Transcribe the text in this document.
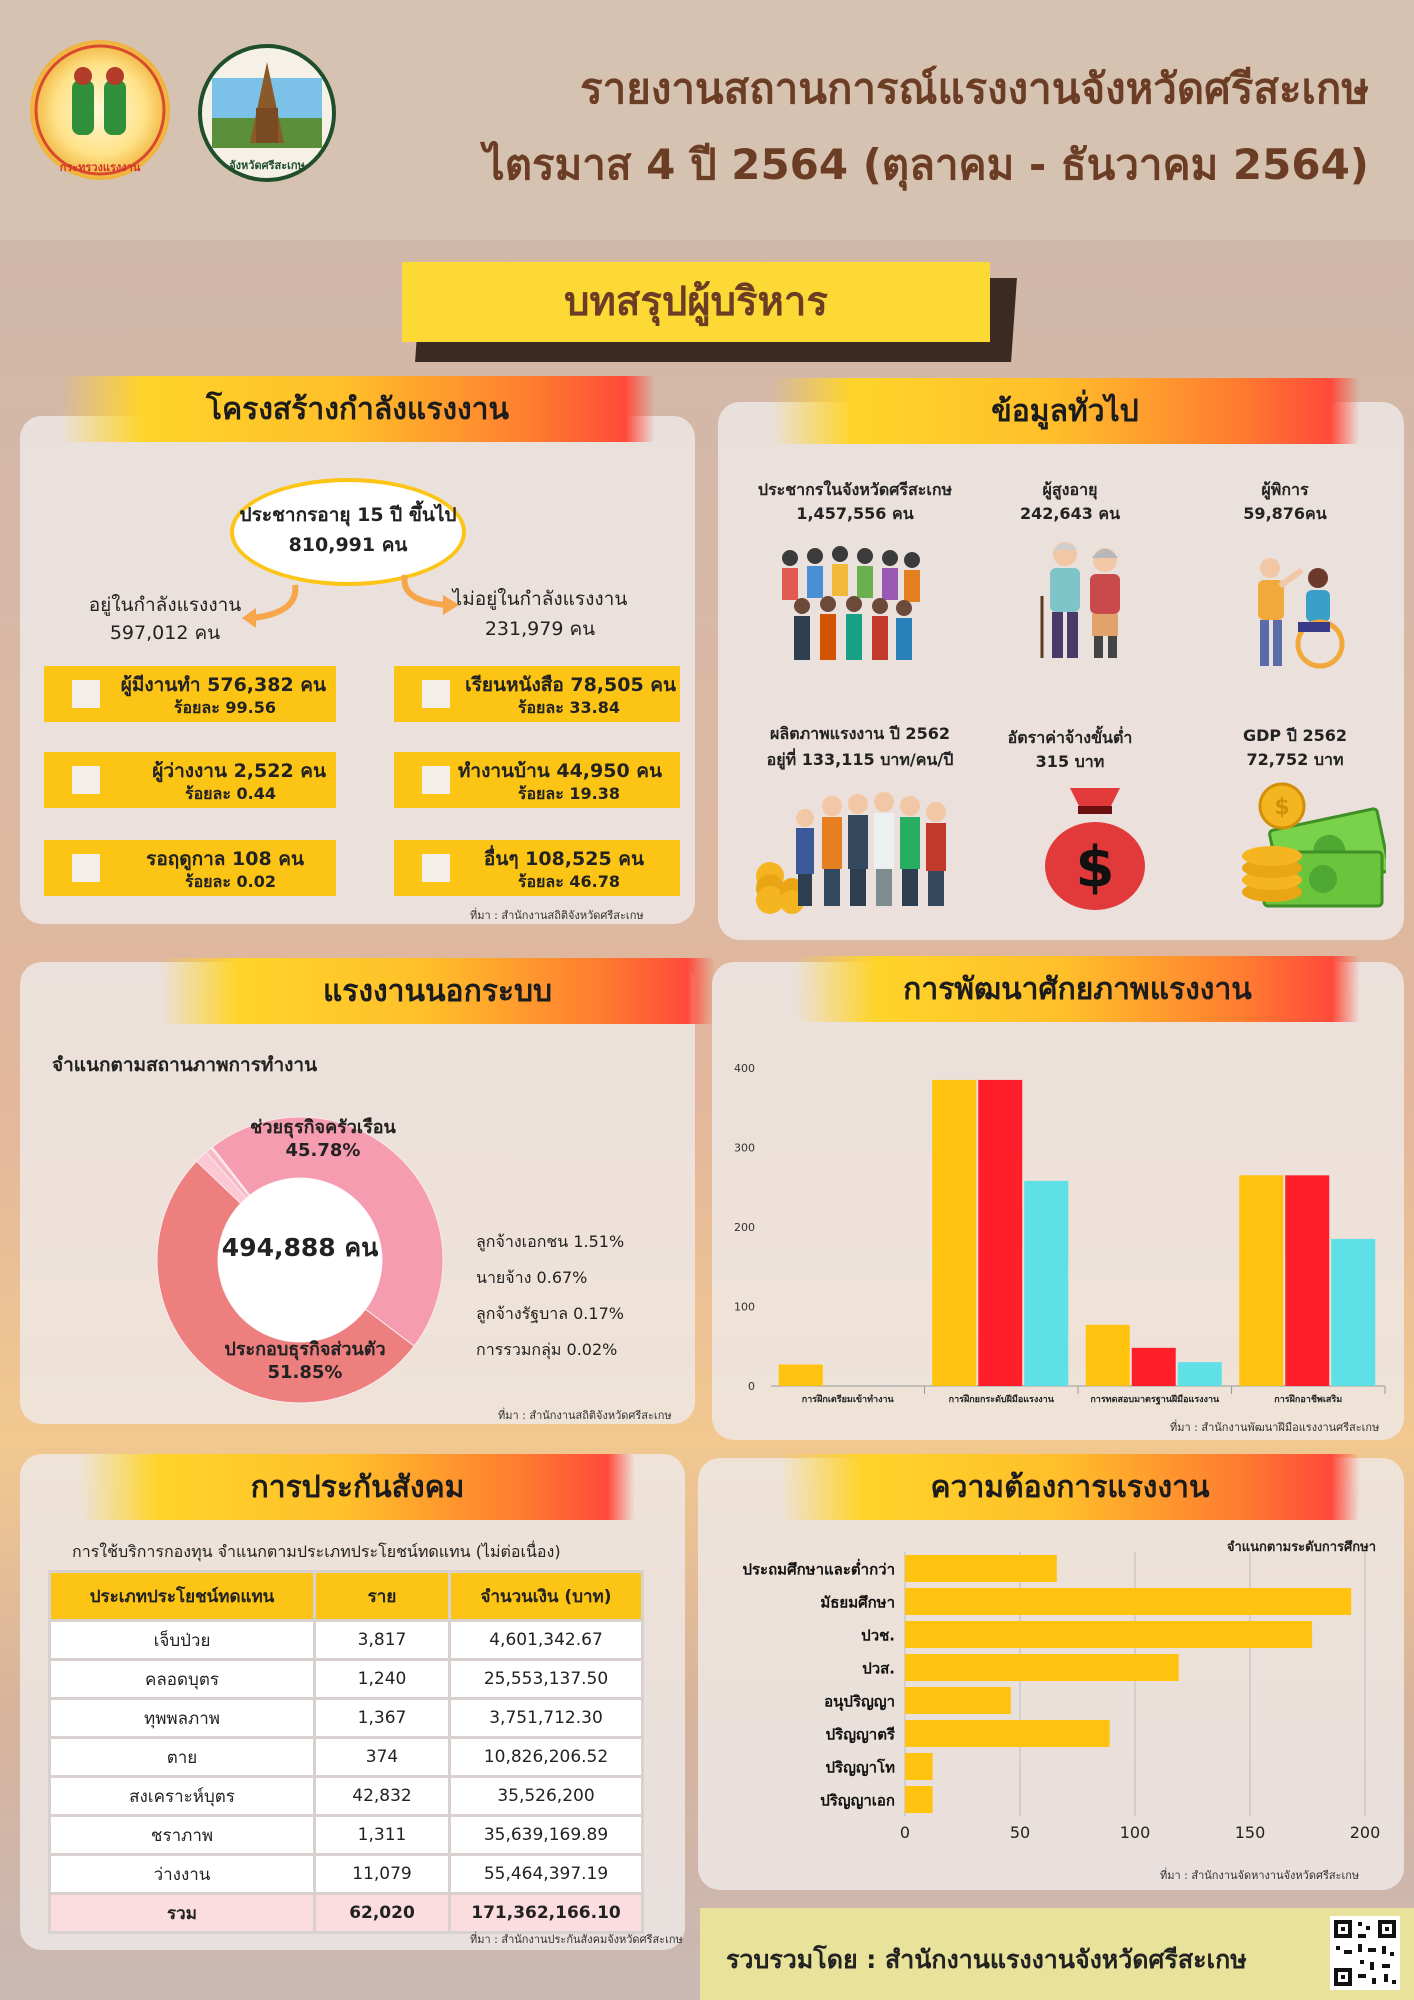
กระทรวงแรงงาน	จังหวัดศรีสะเกษ
รายงานสถานการณ์แรงงานจังหวัดศรีสะเกษ
ไตรมาส 4 ปี 2564 (ตุลาคม - ธันวาคม 2564)
บทสรุปผู้บริหาร
โครงสร้างกำลังแรงงาน
ประชากรอายุ 15 ปี ขึ้นไป
810,991 คน
อยู่ในกำลังแรงงาน
597,012 คน
ไม่อยู่ในกำลังแรงงาน
231,979 คน
ผู้มีงานทำ 576,382 คน
ร้อยละ 99.56
ผู้ว่างงาน 2,522 คน
ร้อยละ 0.44
รอฤดูกาล 108 คน
ร้อยละ 0.02
เรียนหนังสือ 78,505 คน
ร้อยละ 33.84
ทำงานบ้าน 44,950 คน
ร้อยละ 19.38
อื่นๆ 108,525 คน
ร้อยละ 46.78
ที่มา : สำนักงานสถิติจังหวัดศรีสะเกษ
ข้อมูลทั่วไป
ประชากรในจังหวัดศรีสะเกษ
1,457,556 คน
ผู้สูงอายุ
242,643 คน
ผู้พิการ
59,876คน
ผลิตภาพแรงงาน ปี 2562
อยู่ที่ 133,115 บาท/คน/ปี
อัตราค่าจ้างขั้นต่ำ
315 บาท
$
GDP ปี 2562
72,752 บาท
$
แรงงานนอกระบบ
จำแนกตามสถานภาพการทำงาน
494,888 คน
ช่วยธุรกิจครัวเรือน
45.78%
ประกอบธุรกิจส่วนตัว
51.85%
ลูกจ้างเอกชน 1.51%
นายจ้าง 0.67%
ลูกจ้างรัฐบาล 0.17%
การรวมกลุ่ม 0.02%
ที่มา : สำนักงานสถิติจังหวัดศรีสะเกษ
การพัฒนาศักยภาพแรงงาน
0
100
200
300
400
การฝึกเตรียมเข้าทำงาน	การฝึกยกระดับฝีมือแรงงาน	การทดสอบมาตรฐานฝีมือแรงงาน	การฝึกอาชีพเสริม
ที่มา : สำนักงานพัฒนาฝีมือแรงงานศรีสะเกษ
การประกันสังคม
การใช้บริการกองทุน จำแนกตามประเภทประโยชน์ทดแทน (ไม่ต่อเนื่อง)
ประเภทประโยชน์ทดแทน	ราย	จำนวนเงิน (บาท)
เจ็บป่วย	3,817	4,601,342.67
คลอดบุตร	1,240	25,553,137.50
ทุพพลภาพ	1,367	3,751,712.30
ตาย	374	10,826,206.52
สงเคราะห์บุตร	42,832	35,526,200
ชราภาพ	1,311	35,639,169.89
ว่างงาน	11,079	55,464,397.19
รวม	62,020	171,362,166.10
ที่มา : สำนักงานประกันสังคมจังหวัดศรีสะเกษ
ความต้องการแรงงาน
จำแนกตามระดับการศึกษา
0	50	100	150	200
ประถมศึกษาและต่ำกว่า
มัธยมศึกษา
ปวช.
ปวส.
อนุปริญญา
ปริญญาตรี
ปริญญาโท
ปริญญาเอก
ที่มา : สำนักงานจัดหางานจังหวัดศรีสะเกษ
รวบรวมโดย : สำนักงานแรงงานจังหวัดศรีสะเกษ
